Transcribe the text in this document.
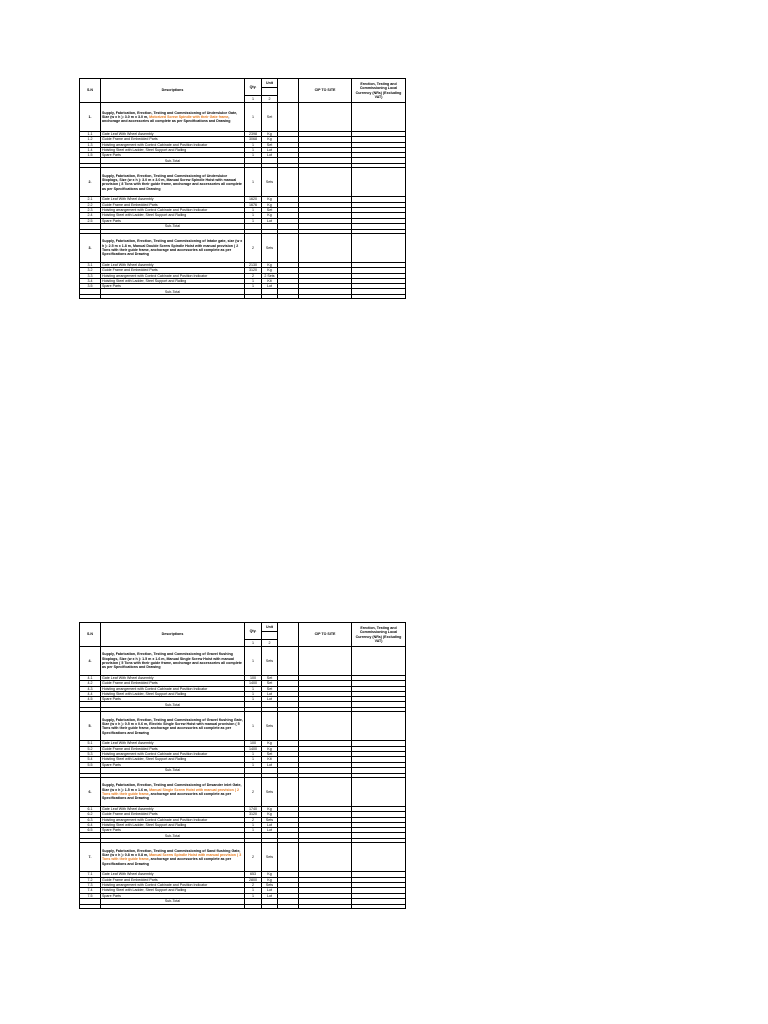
S.N	Descriptions	Qty.	Unit		CIP TO SITE	Erection, Testing and Commissioning Local Currency (NRs) (Excluding VAT)

		1	2			
1.	Supply, Fabrication, Erection, Testing and Commissioning of Underslulce Gate, Size (w x h ): 3.0 m x 3.0 m, Motorized Screw Spindle with their Gate frame, anchorage and accessories all complete as per Specifications and Drawing	1	Set			
1.1	Gate Leaf With Wheel Assembly	2398	Kg			
1.2	Guide Frame and Embedded Parts	3068	Kg			
1.3	Hoisting arrangement with Control Cabinate and Position Indicator	1	Set			
1.4	Hoisting Steel with Ladder, Steel Support and Railing	1	Lot			
1.5	Spare Parts	1	Lot			
	Sub-Total					

2.	Supply, Fabrication, Erection, Testing and Commissioning of Undersluice Stoplogs, Size (w x h ): 3.0 m x 3.0 m, Manual Screw Spindle Hoist with manual provision ( 8 Tons with their guide frame, anchorage and accessories all complete as per Specifications and Drawing	1	Sets			
2.1	Gate Leaf With Wheel Assembly	1620	Kg			
2.2	Guide Frame and Embedded Parts	1676	Kg			
2.3	Hoisting arrangement with Control Cabinate and Position Indicator	1	Set			
2.4	Hoisting Steel with Ladder, Steel Support and Railing	1	Kg			
2.5	Spare Parts	1	Lot			
	Sub-Total					

3.	Supply, Fabrication, Erection, Testing and Commissioning of Intake gate, size (w x h ): 2.5 m x 1.8 m, Manual Double Screw Spindle Hoist with manual provision ( 2 Tons with their guide frame, anchorage and accessories all complete as per Specifications and Drawing	2	Sets			
3.1	Gate Leaf With Wheel Assembly	2130	Kg			
3.2	Guide Frame and Embedded Parts	3120	Kg			
3.3	Hoisting arrangement with Control Cabinate and Position Indicator	2	2 Sets			
3.4	Hoisting Steel with Ladder, Steel Support and Railing	1	Kit			
3.5	Spare Parts	1	Lot			
	Sub-Total					

S.N	Descriptions	Qty.	Unit		CIP TO SITE	Erection, Testing and Commissioning Local Currency (NRs) (Excluding VAT)

		1	2			
4.	Supply, Fabrication, Erection, Testing and Commissioning of Gravel flushing Stoplogs, Size (w x h ): 1.5 m x 1.6 m, Manual Single Screw Hoist with manual provision ( 5 Tons with their guide frame, anchorage and accessories all complete as per Specifications and Drawing	1	Sets			
4.1	Gate Leaf With Wheel Assembly	100	Set			
4.2	Guide Frame and Embedded Parts	1400	Set			
4.3	Hoisting arrangement with Control Cabinate and Position Indicator	1	Set			
4.4	Hoisting Steel with Ladder, Steel Support and Railing	1	Lot			
4.5	Spare Parts	1	Lot			
	Sub-Total					

5.	Supply, Fabrication, Erection, Testing and Commissioning of Gravel flushing Gate, Size (w x h ): 0.5 m x 0.6 m, Electric Single Screw Hoist with manual provision ( 5 Tons with their guide frame, anchorage and accessories all complete as per Specifications and Drawing	1	Sets			
5.1	Gate Leaf With Wheel Assembly	100	Kg			
5.2	Guide Frame and Embedded Parts	1400	Kg			
5.3	Hoisting arrangement with Control Cabinate and Position Indicator	1	Set			
5.4	Hoisting Steel with Ladder, Steel Support and Railing	1	Kit			
5.5	Spare Parts	1	Lot			
	Sub-Total					

6.	Supply, Fabrication, Erection, Testing and Commissioning of Desander inlet Gate, Size (w x h ): 1.5 m x 1.6 m, Manual Single Screw Hoist with manual provision ( 2 Tons with their guide frame, anchorage and accessories all complete as per Specifications and Drawing	2	Sets			
6.1	Gate Leaf With Wheel Assembly	1740	Kg			
6.2	Guide Frame and Embedded Parts	3120	Kg			
6.3	Hoisting arrangement with Control Cabinate and Position Indicator	2	Sets			
6.4	Hoisting Steel with Ladder, Steel Support and Railing	1	Lot			
6.5	Spare Parts	1	Lot			
	Sub-Total					

7.	Supply, Fabrication, Erection, Testing and Commissioning of Sand flushing Gate, Size (w x h ): 0.8 m x 0.8 m, Manual Screw Spindle Hoist with manual provision ( 3 Tons with their guide frame, anchorage and accessories all complete as per Specifications and Drawing	2	Sets			
7.1	Gate Leaf With Wheel Assembly	653	Kg			
7.2	Guide Frame and Embedded Parts	2800	Kg			
7.3	Hoisting arrangement with Control Cabinate and Position Indicator	2	Sets			
7.4	Hoisting Steel with Ladder, Steel Support and Railing	1	Lot			
7.5	Spare Parts	1	Lot			
	Sub-Total					
